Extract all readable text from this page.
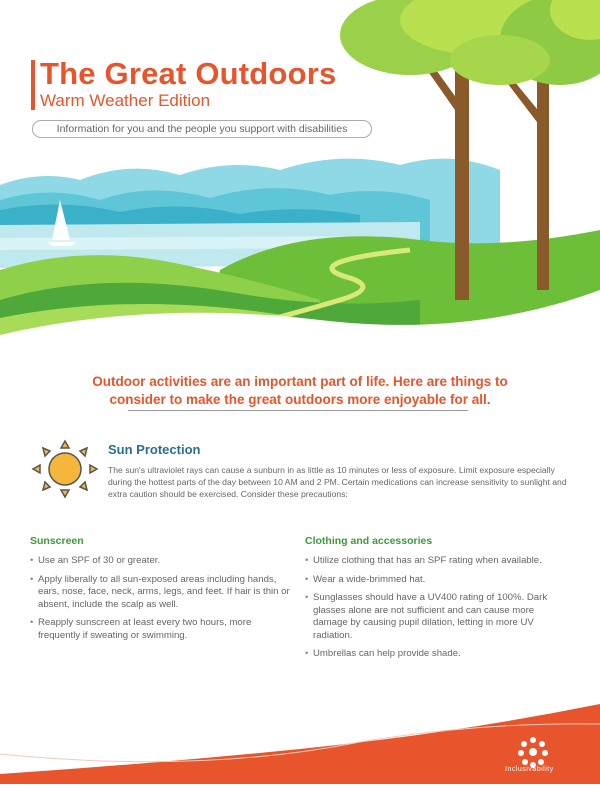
The Great Outdoors
Warm Weather Edition
Information for you and the people you support with disabilities
Outdoor activities are an important part of life. Here are things to consider to make the great outdoors more enjoyable for all.
Sun Protection
The sun's ultraviolet rays can cause a sunburn in as little as 10 minutes or less of exposure. Limit exposure especially during the hottest parts of the day between 10 AM and 2 PM. Certain medications can increase sensitivity to sunlight and extra caution should be exercised. Consider these precautions:
Sunscreen
• Use an SPF of 30 or greater.
• Apply liberally to all sun-exposed areas including hands, ears, nose, face, neck, arms, legs, and feet. If hair is thin or absent, include the scalp as well.
• Reapply sunscreen at least every two hours, more frequently if sweating or swimming.
Clothing and accessories
• Utilize clothing that has an SPF rating when available.
• Wear a wide-brimmed hat.
• Sunglasses should have a UV400 rating of 100%. Dark glasses alone are not sufficient and can cause more damage by causing pupil dilation, letting in more UV radiation.
• Umbrellas can help provide shade.
Inclusivability
